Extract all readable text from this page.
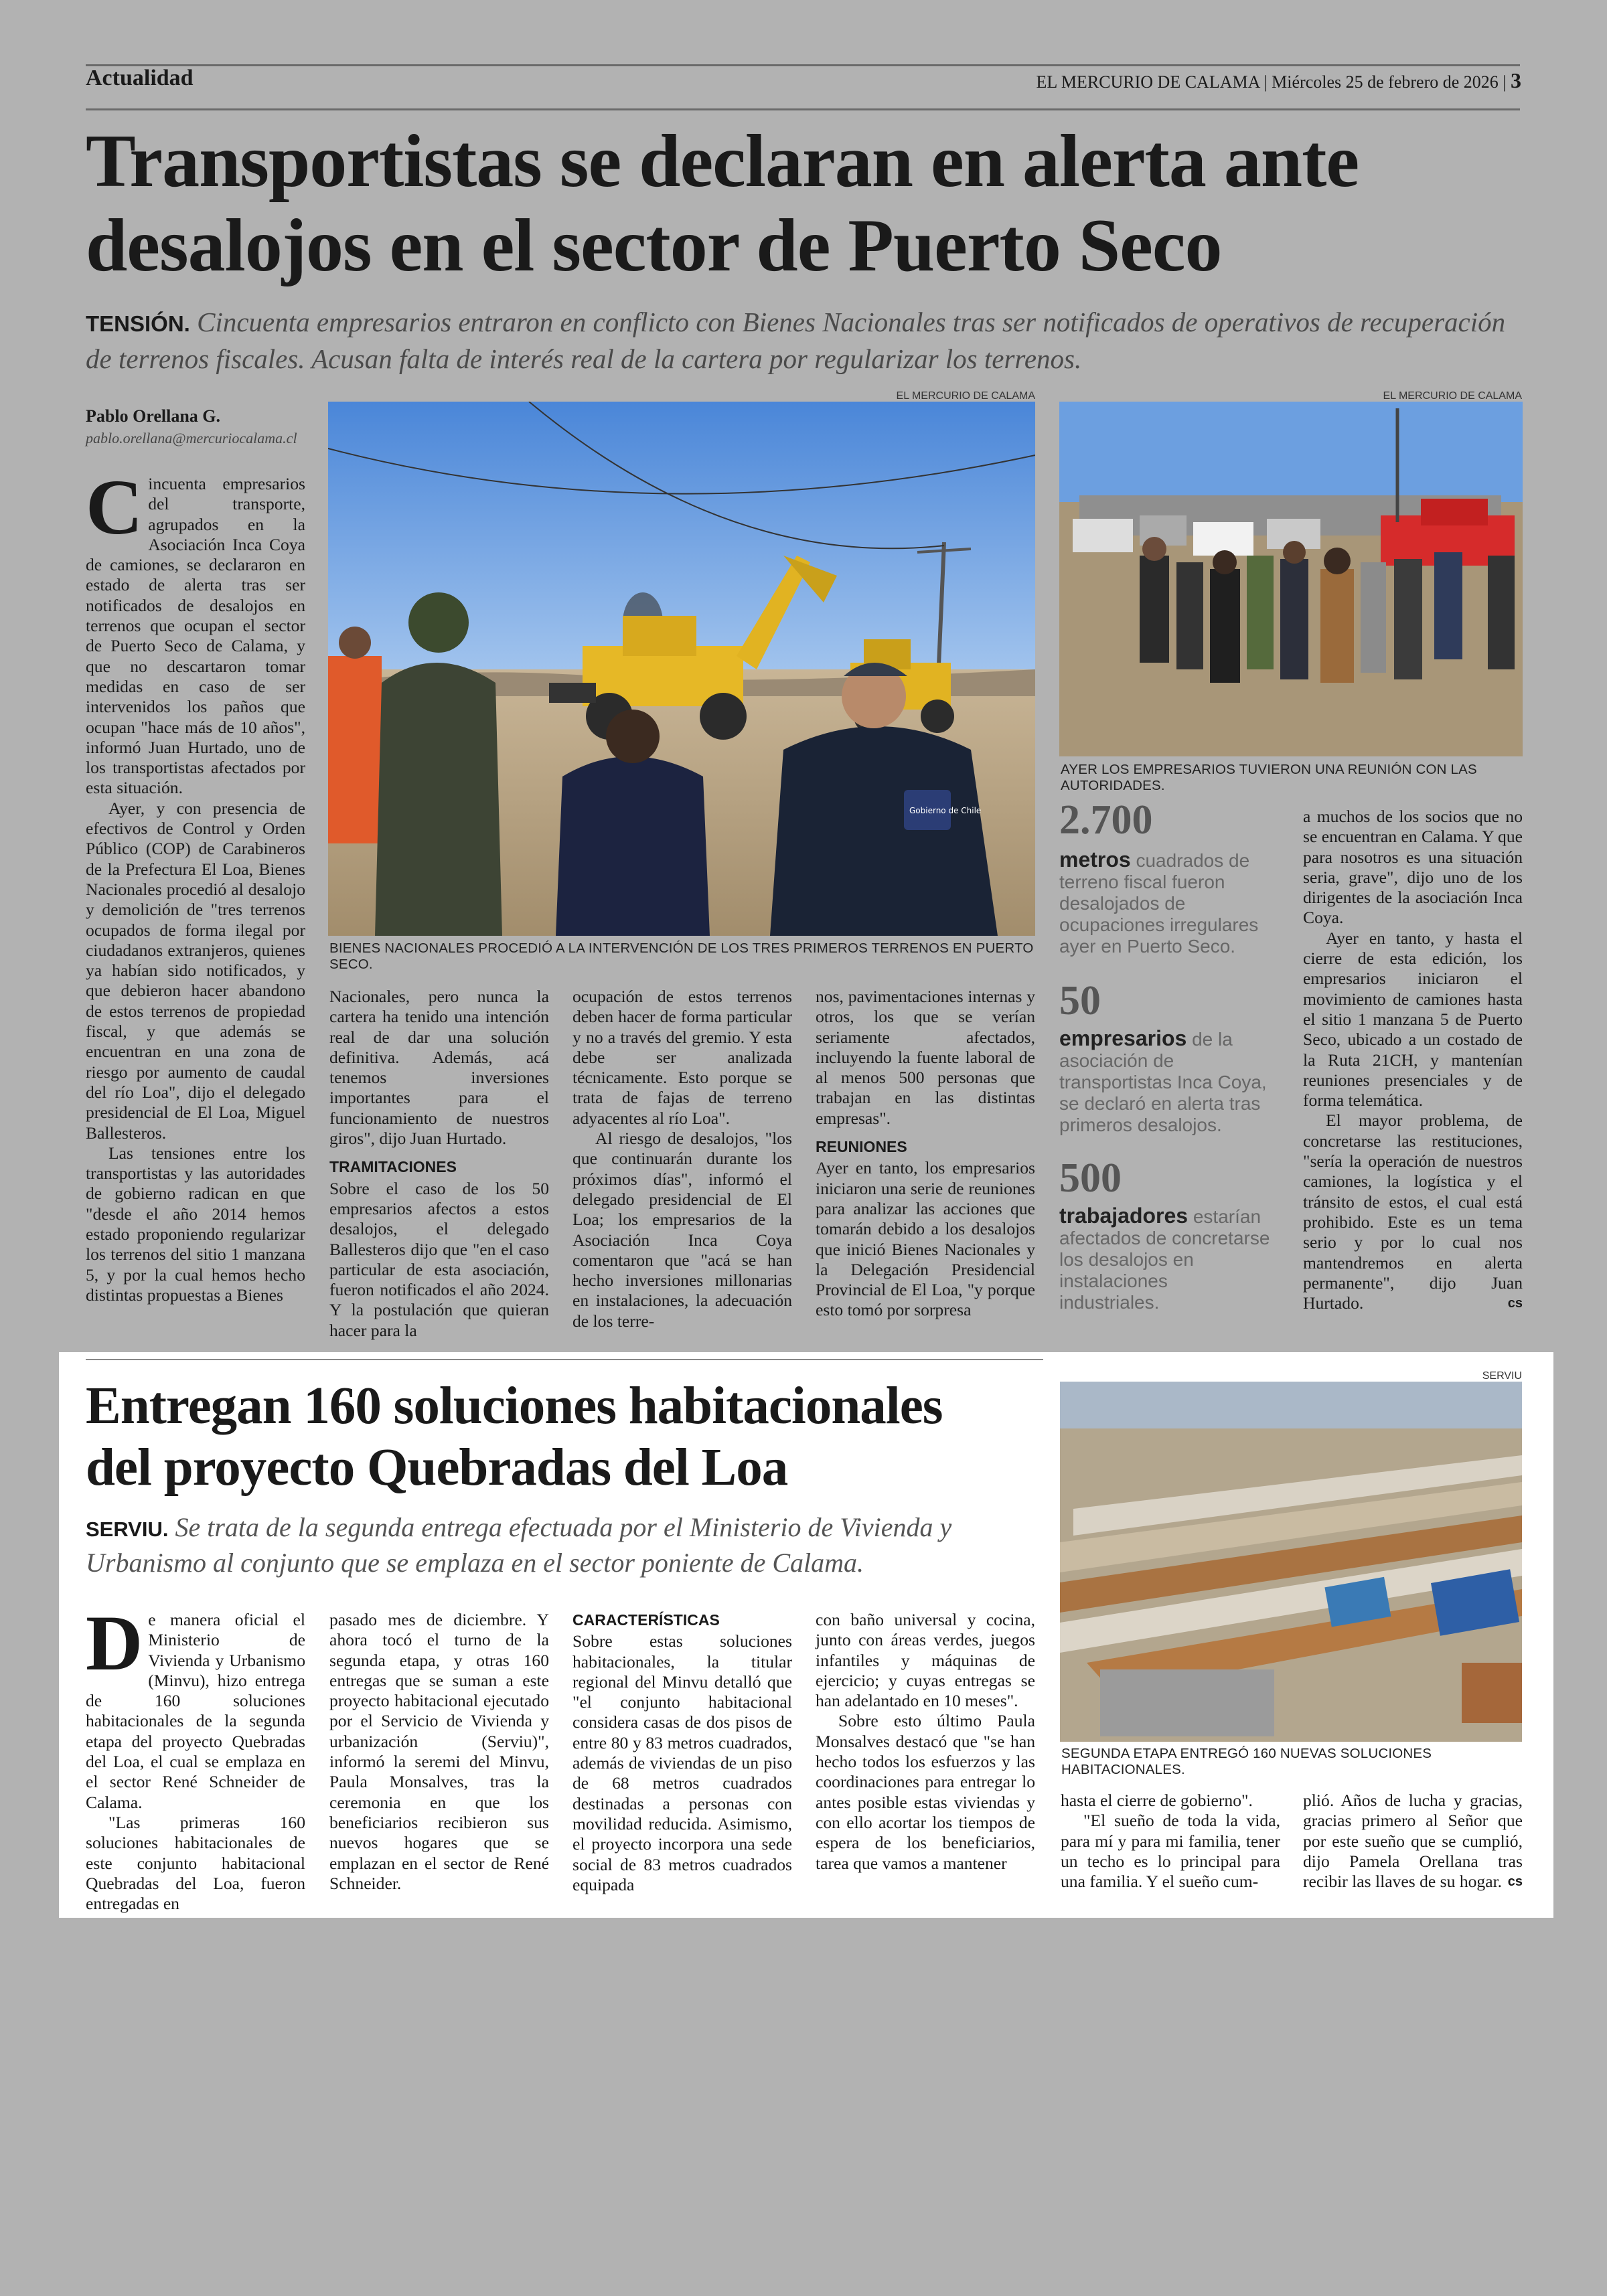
Actualidad	EL MERCURIO DE CALAMA | Miércoles 25 de febrero de 2026 | 3
Transportistas se declaran en alerta ante
desalojos en el sector de Puerto Seco
TENSIÓN. Cincuenta empresarios entraron en conflicto con Bienes Nacionales tras ser notificados de operativos de recuperación de terrenos fiscales. Acusan falta de interés real de la cartera por regularizar los terrenos.
Pablo Orellana G.
pablo.orellana@mercuriocalama.cl

Cincuenta empresarios del transporte, agrupados en la Asociación Inca Coya de camiones, se declararon en estado de alerta tras ser notificados de desalojos en terrenos que ocupan el sector de Puerto Seco de Calama, y que no descartaron tomar medidas en caso de ser intervenidos los paños que ocupan "hace más de 10 años", informó Juan Hurtado, uno de los transportistas afectados por esta situación.

Ayer, y con presencia de efectivos de Control y Orden Público (COP) de Carabineros de la Prefectura El Loa, Bienes Nacionales procedió al desalojo y demolición de "tres terrenos ocupados de forma ilegal por ciudadanos extranjeros, quienes ya habían sido notificados, y que debieron hacer abandono de estos terrenos de propiedad fiscal, y que además se encuentran en una zona de riesgo por aumento de caudal del río Loa", dijo el delegado presidencial de El Loa, Miguel Ballesteros.

Las tensiones entre los transportistas y las autoridades de gobierno radican en que "desde el año 2014 hemos estado proponiendo regularizar los terrenos del sitio 1 manzana 5, y por la cual hemos hecho distintas propuestas a Bienes

EL MERCURIO DE CALAMA
Gobierno de Chile
BIENES NACIONALES PROCEDIÓ A LA INTERVENCIÓN DE LOS TRES PRIMEROS TERRENOS EN PUERTO SECO.
EL MERCURIO DE CALAMA
AYER LOS EMPRESARIOS TUVIERON UNA REUNIÓN CON LAS AUTORIDADES.

Nacionales, pero nunca la cartera ha tenido una intención real de dar una solución definitiva. Además, acá tenemos inversiones importantes para el funcionamiento de nuestros giros", dijo Juan Hurtado.

TRAMITACIONES

Sobre el caso de los 50 empresarios afectos a estos desalojos, el delegado Ballesteros dijo que "en el caso particular de esta asociación, fueron notificados el año 2024. Y la postulación que quieran hacer para la

ocupación de estos terrenos deben hacer de forma particular y no a través del gremio. Y esta debe ser analizada técnicamente. Esto porque se trata de fajas de terreno adyacentes al río Loa".

Al riesgo de desalojos, "los que continuarán durante los próximos días", informó el delegado presidencial de El Loa; los empresarios de la Asociación Inca Coya comentaron que "acá se han hecho inversiones millonarias en instalaciones, la adecuación de los terre-

nos, pavimentaciones internas y otros, los que se verían seriamente afectados, incluyendo la fuente laboral de al menos 500 personas que trabajan en las distintas empresas".

REUNIONES

Ayer en tanto, los empresarios iniciaron una serie de reuniones para analizar las acciones que tomarán debido a los desalojos que inició Bienes Nacionales y la Delegación Presidencial Provincial de El Loa, "y porque esto tomó por sorpresa

2.700
metros cuadrados de terreno fiscal fueron desalojados de ocupaciones irregulares ayer en Puerto Seco.
50
empresarios de la asociación de transportistas Inca Coya, se declaró en alerta tras primeros desalojos.
500
trabajadores estarían afectados de concretarse los desalojos en instalaciones industriales.

a muchos de los socios que no se encuentran en Calama. Y que para nosotros es una situación seria, grave", dijo uno de los dirigentes de la asociación Inca Coya.

Ayer en tanto, y hasta el cierre de esta edición, los empresarios iniciaron el movimiento de camiones hasta el sitio 1 manzana 5 de Puerto Seco, ubicado a un costado de la Ruta 21CH, y mantenían reuniones presenciales y de forma telemática.

El mayor problema, de concretarse las restituciones, "sería la operación de nuestros camiones, la logística y el tránsito de estos, el cual está prohibido. Este es un tema serio y por lo cual nos mantendremos en alerta permanente", dijo Juan Hurtado.	cs

Entregan 160 soluciones habitacionales
del proyecto Quebradas del Loa
SERVIU. Se trata de la segunda entrega efectuada por el Ministerio de Vivienda y Urbanismo al conjunto que se emplaza en el sector poniente de Calama.
SERVIU
SEGUNDA ETAPA ENTREGÓ 160 NUEVAS SOLUCIONES HABITACIONALES.

De manera oficial el Ministerio de Vivienda y Urbanismo (Minvu), hizo entrega de 160 soluciones habitacionales de la segunda etapa del proyecto Quebradas del Loa, el cual se emplaza en el sector René Schneider de Calama.

"Las primeras 160 soluciones habitacionales de este conjunto habitacional Quebradas del Loa, fueron entregadas en

pasado mes de diciembre. Y ahora tocó el turno de la segunda etapa, y otras 160 entregas que se suman a este proyecto habitacional ejecutado por el Servicio de Vivienda y urbanización (Serviu)", informó la seremi del Minvu, Paula Monsalves, tras la ceremonia en que los beneficiarios recibieron sus nuevos hogares que se emplazan en el sector de René Schneider.

CARACTERÍSTICAS

Sobre estas soluciones habitacionales, la titular regional del Minvu detalló que "el conjunto habitacional considera casas de dos pisos de entre 80 y 83 metros cuadrados, además de viviendas de un piso de 68 metros cuadrados destinadas a personas con movilidad reducida. Asimismo, el proyecto incorpora una sede social de 83 metros cuadrados equipada

con baño universal y cocina, junto con áreas verdes, juegos infantiles y máquinas de ejercicio; y cuyas entregas se han adelantado en 10 meses".

Sobre esto último Paula Monsalves destacó que "se han hecho todos los esfuerzos y las coordinaciones para entregar lo antes posible estas viviendas y con ello acortar los tiempos de espera de los beneficiarios, tarea que vamos a mantener

hasta el cierre de gobierno".

"El sueño de toda la vida, para mí y para mi familia, tener un techo es lo principal para una familia. Y el sueño cum-

plió. Años de lucha y gracias, gracias primero al Señor que por este sueño que se cumplió, dijo Pamela Orellana tras recibir las llaves de su hogar. cs
